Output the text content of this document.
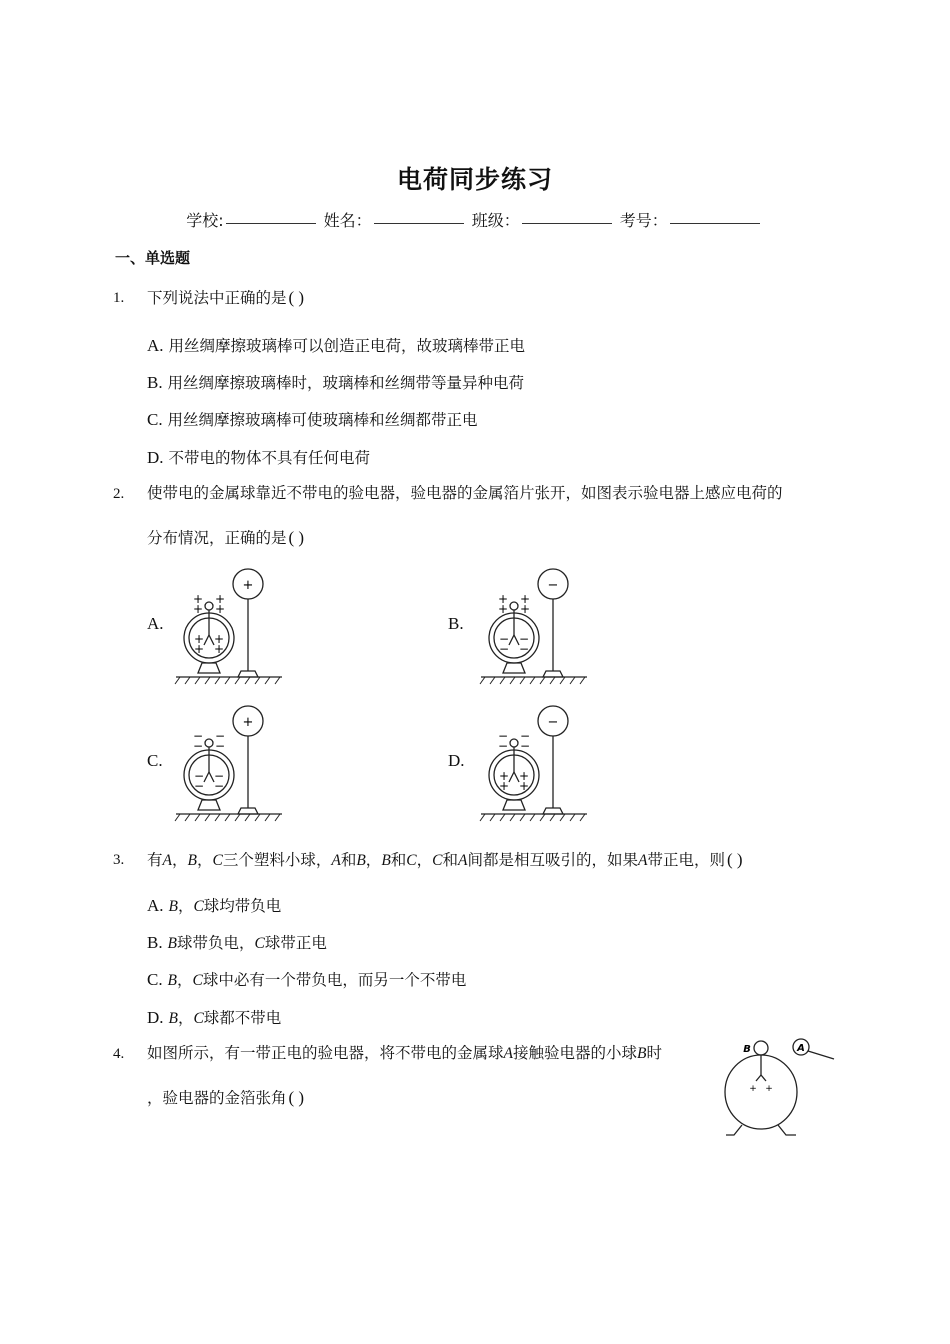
电荷同步练习
学校:	姓名：	班级：	考号：
一、单选题
1. 下列说法中正确的是 ( )
A. 用丝绸摩擦玻璃棒可以创造正电荷，故玻璃棒带正电
B. 用丝绸摩擦玻璃棒时，玻璃棒和丝绸带等量异种电荷
C. 用丝绸摩擦玻璃棒可使玻璃棒和丝绸都带正电
D. 不带电的物体不具有任何电荷
2. 使带电的金属球靠近不带电的验电器，验电器的金属箔片张开，如图表示验电器上感应电荷的
分布情况，正确的是 ( )
A.	B.
C.	D.
+
+ +
+ +
+ +
+ +
−
+ +
+ +
− −
− −
+
− −
− −
− −
− −
−
− −
− −
+ +
+ +
3. 有A，B，C三个塑料小球，A和B，B和C，C和A间都是相互吸引的，如果A带正电，则 ( )
A. B，C球均带负电
B. B球带负电，C球带正电
C. B，C球中必有一个带负电，而另一个不带电
D. B，C球都不带电
4. 如图所示，有一带正电的验电器，将不带电的金属球A接触验电器的小球B时
，验电器的金箔张角 ( )
B	A
+ +
